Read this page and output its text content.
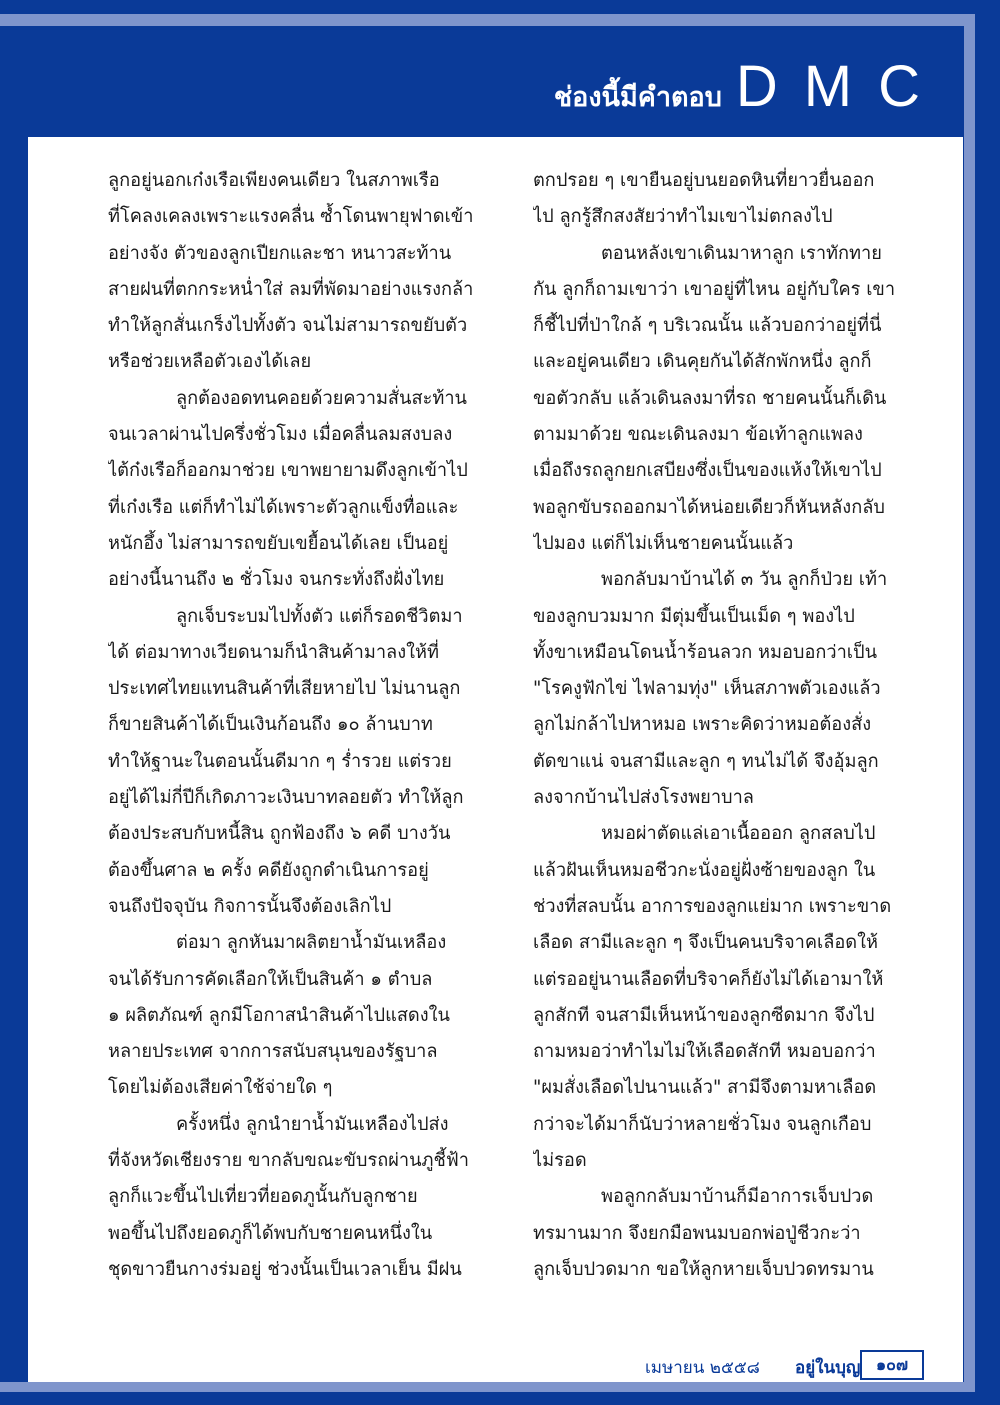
ช่องนี้มีคำตอบ DMC

ลูกอยู่นอกเก๋งเรือเพียงคนเดียว ในสภาพเรือ

ที่โคลงเคลงเพราะแรงคลื่น ซ้ำโดนพายุฟาดเข้า

อย่างจัง ตัวของลูกเปียกและชา หนาวสะท้าน

สายฝนที่ตกกระหน่ำใส่ ลมที่พัดมาอย่างแรงกล้า

ทำให้ลูกสั่นเกร็งไปทั้งตัว จนไม่สามารถขยับตัว

หรือช่วยเหลือตัวเองได้เลย

ลูกต้องอดทนคอยด้วยความสั่นสะท้าน

จนเวลาผ่านไปครึ่งชั่วโมง เมื่อคลื่นลมสงบลง

ไต้ก๋งเรือก็ออกมาช่วย เขาพยายามดึงลูกเข้าไป

ที่เก๋งเรือ แต่ก็ทำไม่ได้เพราะตัวลูกแข็งทื่อและ

หนักอึ้ง ไม่สามารถขยับเขยื้อนได้เลย เป็นอยู่

อย่างนี้นานถึง ๒ ชั่วโมง จนกระทั่งถึงฝั่งไทย

ลูกเจ็บระบมไปทั้งตัว แต่ก็รอดชีวิตมา

ได้ ต่อมาทางเวียดนามก็นำสินค้ามาลงให้ที่

ประเทศไทยแทนสินค้าที่เสียหายไป ไม่นานลูก

ก็ขายสินค้าได้เป็นเงินก้อนถึง ๑๐ ล้านบาท

ทำให้ฐานะในตอนนั้นดีมาก ๆ ร่ำรวย แต่รวย

อยู่ได้ไม่กี่ปีก็เกิดภาวะเงินบาทลอยตัว ทำให้ลูก

ต้องประสบกับหนี้สิน ถูกฟ้องถึง ๖ คดี บางวัน

ต้องขึ้นศาล ๒ ครั้ง คดียังถูกดำเนินการอยู่

จนถึงปัจจุบัน กิจการนั้นจึงต้องเลิกไป

ต่อมา ลูกหันมาผลิตยาน้ำมันเหลือง

จนได้รับการคัดเลือกให้เป็นสินค้า ๑ ตำบล

๑ ผลิตภัณฑ์ ลูกมีโอกาสนำสินค้าไปแสดงใน

หลายประเทศ จากการสนับสนุนของรัฐบาล

โดยไม่ต้องเสียค่าใช้จ่ายใด ๆ

ครั้งหนึ่ง ลูกนำยาน้ำมันเหลืองไปส่ง

ที่จังหวัดเชียงราย ขากลับขณะขับรถผ่านภูชี้ฟ้า

ลูกก็แวะขึ้นไปเที่ยวที่ยอดภูนั้นกับลูกชาย

พอขึ้นไปถึงยอดภูก็ได้พบกับชายคนหนึ่งใน

ชุดขาวยืนกางร่มอยู่ ช่วงนั้นเป็นเวลาเย็น มีฝน

ตกปรอย ๆ เขายืนอยู่บนยอดหินที่ยาวยื่นออก

ไป ลูกรู้สึกสงสัยว่าทำไมเขาไม่ตกลงไป

ตอนหลังเขาเดินมาหาลูก เราทักทาย

กัน ลูกก็ถามเขาว่า เขาอยู่ที่ไหน อยู่กับใคร เขา

ก็ชี้ไปที่ป่าใกล้ ๆ บริเวณนั้น แล้วบอกว่าอยู่ที่นี่

และอยู่คนเดียว เดินคุยกันได้สักพักหนึ่ง ลูกก็

ขอตัวกลับ แล้วเดินลงมาที่รถ ชายคนนั้นก็เดิน

ตามมาด้วย ขณะเดินลงมา ข้อเท้าลูกแพลง

เมื่อถึงรถลูกยกเสบียงซึ่งเป็นของแห้งให้เขาไป

พอลูกขับรถออกมาได้หน่อยเดียวก็หันหลังกลับ

ไปมอง แต่ก็ไม่เห็นชายคนนั้นแล้ว

พอกลับมาบ้านได้ ๓ วัน ลูกก็ป่วย เท้า

ของลูกบวมมาก มีตุ่มขึ้นเป็นเม็ด ๆ พองไป

ทั้งขาเหมือนโดนน้ำร้อนลวก หมอบอกว่าเป็น

"โรคงูฟักไข่ ไฟลามทุ่ง" เห็นสภาพตัวเองแล้ว

ลูกไม่กล้าไปหาหมอ เพราะคิดว่าหมอต้องสั่ง

ตัดขาแน่ จนสามีและลูก ๆ ทนไม่ได้ จึงอุ้มลูก

ลงจากบ้านไปส่งโรงพยาบาล

หมอผ่าตัดแล่เอาเนื้อออก ลูกสลบไป

แล้วฝันเห็นหมอชีวกะนั่งอยู่ฝั่งซ้ายของลูก ใน

ช่วงที่สลบนั้น อาการของลูกแย่มาก เพราะขาด

เลือด สามีและลูก ๆ จึงเป็นคนบริจาคเลือดให้

แต่รออยู่นานเลือดที่บริจาคก็ยังไม่ได้เอามาให้

ลูกสักที จนสามีเห็นหน้าของลูกซีดมาก จึงไป

ถามหมอว่าทำไมไม่ให้เลือดสักที หมอบอกว่า

"ผมสั่งเลือดไปนานแล้ว" สามีจึงตามหาเลือด

กว่าจะได้มาก็นับว่าหลายชั่วโมง จนลูกเกือบ

ไม่รอด

พอลูกกลับมาบ้านก็มีอาการเจ็บปวด

ทรมานมาก จึงยกมือพนมบอกพ่อปู่ชีวกะว่า

ลูกเจ็บปวดมาก ขอให้ลูกหายเจ็บปวดทรมาน

เมษายน ๒๕๕๘ อยู่ในบุญ ๑๐๗
